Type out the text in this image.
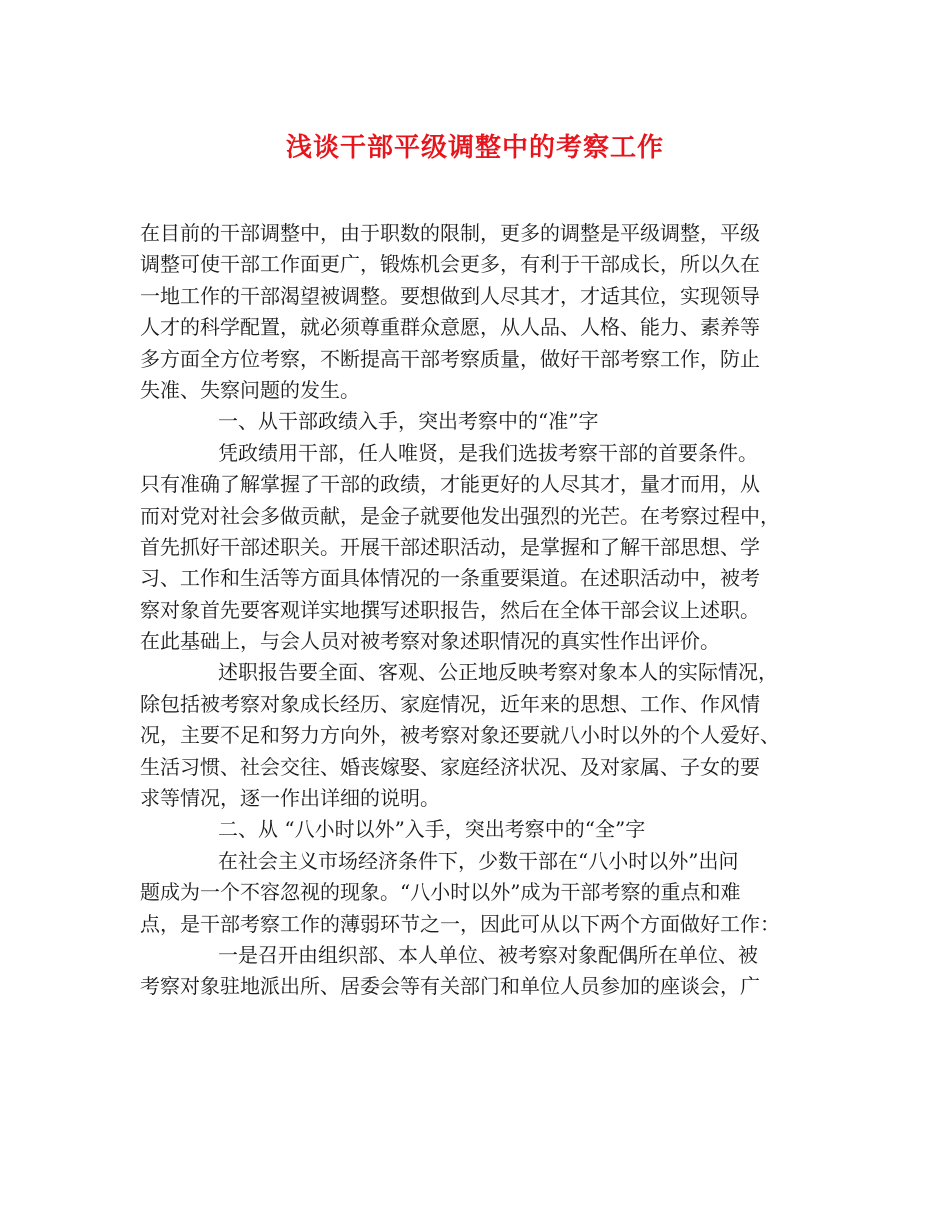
浅谈干部平级调整中的考察工作
在目前的干部调整中，由于职数的限制，更多的调整是平级调整，平级
调整可使干部工作面更广，锻炼机会更多，有利于干部成长，所以久在
一地工作的干部渴望被调整。要想做到人尽其才，才适其位，实现领导
人才的科学配置，就必须尊重群众意愿，从人品、人格、能力、素养等
多方面全方位考察，不断提高干部考察质量，做好干部考察工作，防止
失准、失察问题的发生。
一、从干部政绩入手，突出考察中的“准”字
凭政绩用干部，任人唯贤，是我们选拔考察干部的首要条件。
只有准确了解掌握了干部的政绩，才能更好的人尽其才，量才而用，从
而对党对社会多做贡献，是金子就要他发出强烈的光芒。在考察过程中，
首先抓好干部述职关。开展干部述职活动，是掌握和了解干部思想、学
习、工作和生活等方面具体情况的一条重要渠道。在述职活动中，被考
察对象首先要客观详实地撰写述职报告，然后在全体干部会议上述职。
在此基础上，与会人员对被考察对象述职情况的真实性作出评价。
述职报告要全面、客观、公正地反映考察对象本人的实际情况，
除包括被考察对象成长经历、家庭情况，近年来的思想、工作、作风情
况，主要不足和努力方向外，被考察对象还要就八小时以外的个人爱好、
生活习惯、社会交往、婚丧嫁娶、家庭经济状况、及对家属、子女的要
求等情况，逐一作出详细的说明。
二、从 “八小时以外”入手，突出考察中的“全”字
在社会主义市场经济条件下，少数干部在“八小时以外”出问
题成为一个不容忽视的现象。“八小时以外”成为干部考察的重点和难
点，是干部考察工作的薄弱环节之一，因此可从以下两个方面做好工作：
一是召开由组织部、本人单位、被考察对象配偶所在单位、被
考察对象驻地派出所、居委会等有关部门和单位人员参加的座谈会，广
